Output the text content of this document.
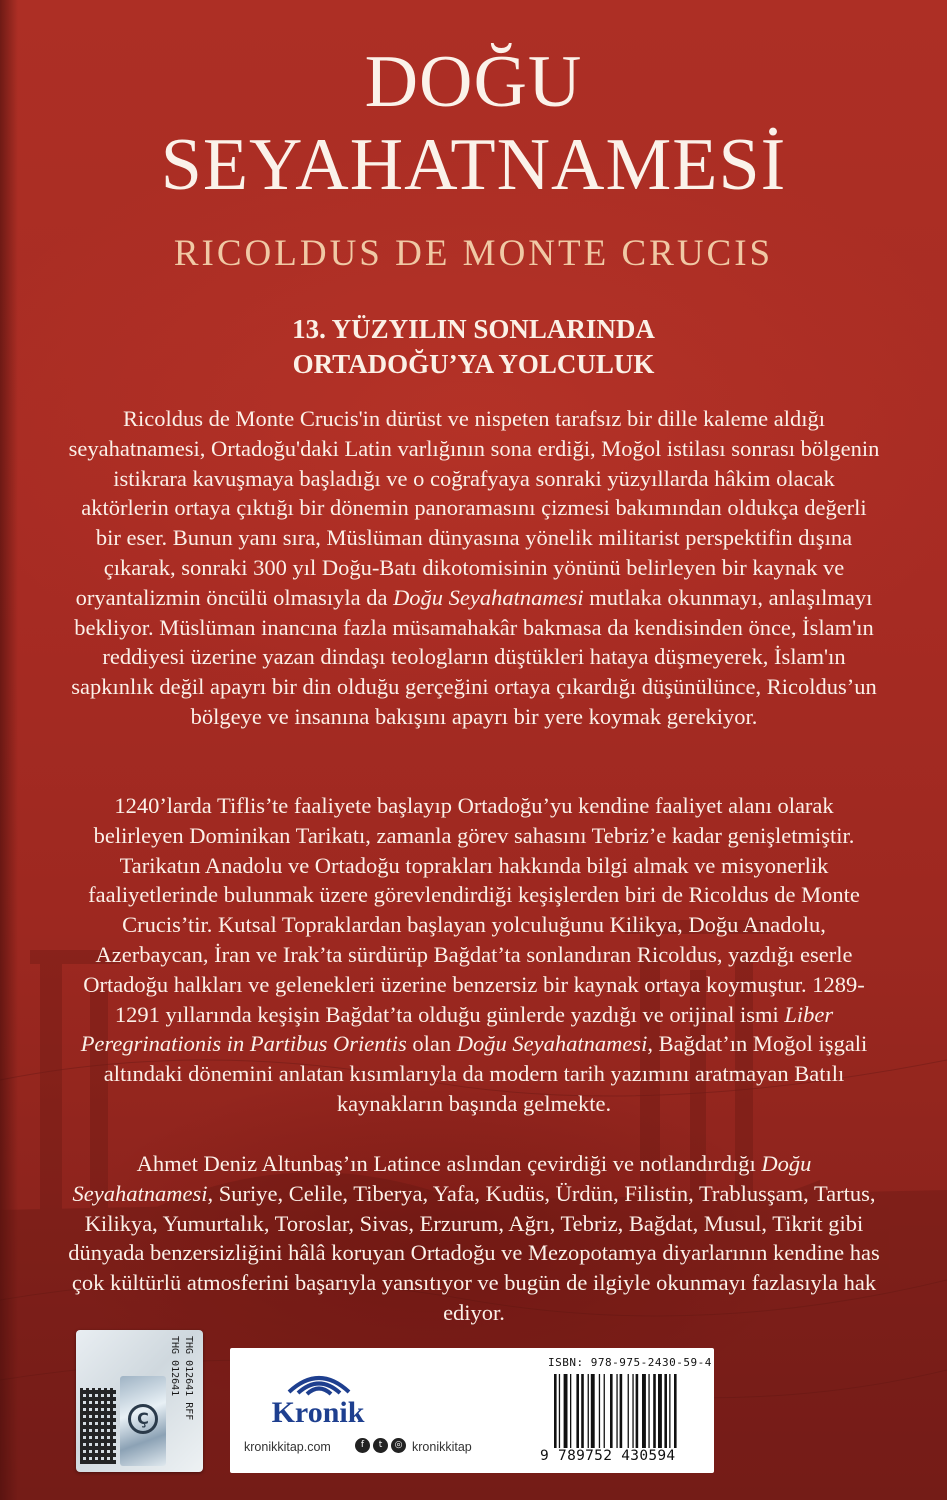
DOĞU
SEYAHATNAMESİ
RICOLDUS DE MONTE CRUCIS
13. YÜZYILIN SONLARINDA
ORTADOĞU’YA YOLCULUK
Ricoldus de Monte Crucis'in dürüst ve nispeten tarafsız bir dille kaleme aldığı seyahatnamesi, Ortadoğu'daki Latin varlığının sona erdiği, Moğol istilası sonrası bölgenin istikrara kavuşmaya başladığı ve o coğrafyaya sonraki yüzyıllarda hâkim olacak aktörlerin ortaya çıktığı bir dönemin panoramasını çizmesi bakımından oldukça değerli bir eser. Bunun yanı sıra, Müslüman dünyasına yönelik militarist perspektifin dışına çıkarak, sonraki 300 yıl Doğu-Batı dikotomisinin yönünü belirleyen bir kaynak ve oryantalizmin öncülü olmasıyla da Doğu Seyahatnamesi mutlaka okunmayı, anlaşılmayı bekliyor. Müslüman inancına fazla müsamahakâr bakmasa da kendisinden önce, İslam'ın reddiyesi üzerine yazan dindaşı teologların düştükleri hataya düşmeyerek, İslam'ın sapkınlık değil apayrı bir din olduğu gerçeğini ortaya çıkardığı düşünülünce, Ricoldus’un bölgeye ve insanına bakışını apayrı bir yere koymak gerekiyor.
1240’larda Tiflis’te faaliyete başlayıp Ortadoğu’yu kendine faaliyet alanı olarak belirleyen Dominikan Tarikatı, zamanla görev sahasını Tebriz’e kadar genişletmiştir. Tarikatın Anadolu ve Ortadoğu toprakları hakkında bilgi almak ve misyonerlik faaliyetlerinde bulunmak üzere görevlendirdiği keşişlerden biri de Ricoldus de Monte Crucis’tir. Kutsal Topraklardan başlayan yolculuğunu Kilikya, Doğu Anadolu, Azerbaycan, İran ve Irak’ta sürdürüp Bağdat’ta sonlandıran Ricoldus, yazdığı eserle Ortadoğu halkları ve gelenekleri üzerine benzersiz bir kaynak ortaya koymuştur. 1289-1291 yıllarında keşişin Bağdat’ta olduğu günlerde yazdığı ve orijinal ismi Liber Peregrinationis in Partibus Orientis olan Doğu Seyahatnamesi, Bağdat’ın Moğol işgali altındaki dönemini anlatan kısımlarıyla da modern tarih yazımını aratmayan Batılı kaynakların başında gelmekte.
Ahmet Deniz Altunbaş’ın Latince aslından çevirdiği ve notlandırdığı Doğu Seyahatnamesi, Suriye, Celile, Tiberya, Yafa, Kudüs, Ürdün, Filistin, Trablusşam, Tartus, Kilikya, Yumurtalık, Toroslar, Sivas, Erzurum, Ağrı, Tebriz, Bağdat, Musul, Tikrit gibi dünyada benzersizliğini hâlâ koruyan Ortadoğu ve Mezopotamya diyarlarının kendine has çok kültürlü atmosferini başarıyla yansıtıyor ve bugün de ilgiyle okunmayı fazlasıyla hak ediyor.
Ç	THG 012641 RFF
THG 012641
Kronik
kronikkitap.com	f	t	◎ kronikkitap
ISBN: 978-975-2430-59-4
9 789752 430594
